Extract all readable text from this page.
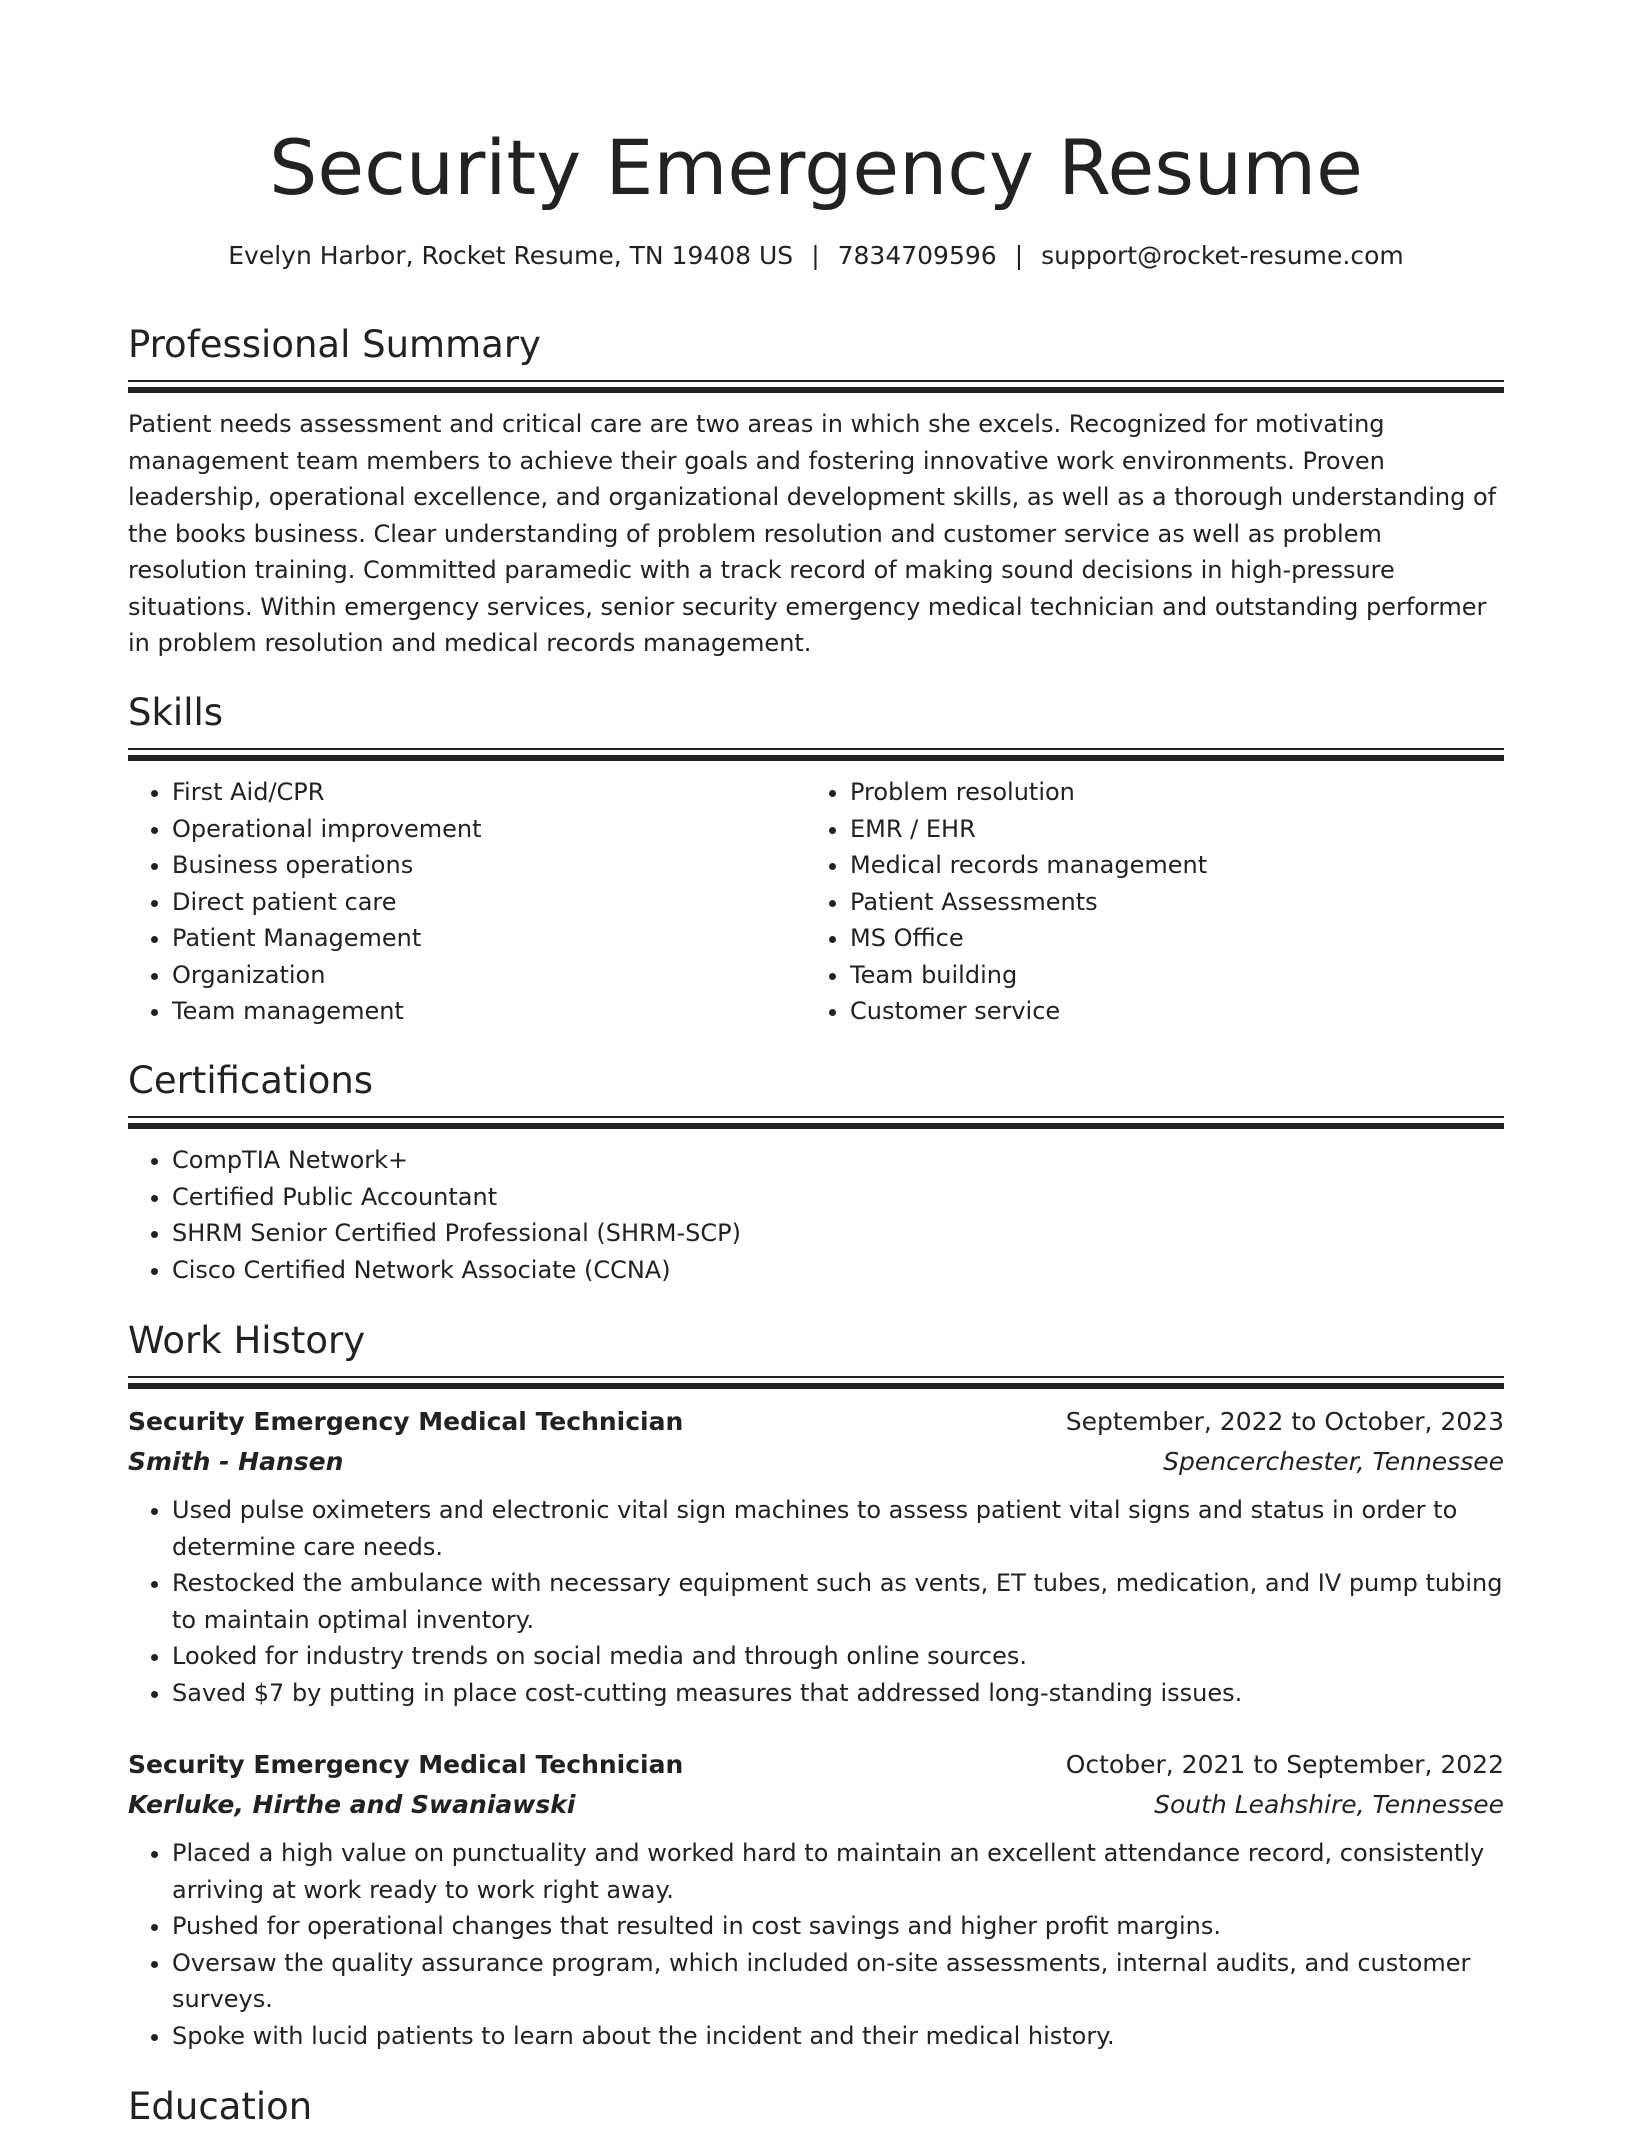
Security Emergency Resume
Evelyn Harbor, Rocket Resume, TN 19408 US | 7834709596 | support@rocket-resume.com
Professional Summary
Patient needs assessment and critical care are two areas in which she excels. Recognized for motivating management team members to achieve their goals and fostering innovative work environments. Proven leadership, operational excellence, and organizational development skills, as well as a thorough understanding of the books business. Clear understanding of problem resolution and customer service as well as problem resolution training. Committed paramedic with a track record of making sound decisions in high-pressure situations. Within emergency services, senior security emergency medical technician and outstanding performer in problem resolution and medical records management.
Skills
• First Aid/CPR
• Operational improvement
• Business operations
• Direct patient care
• Patient Management
• Organization
• Team management
• Problem resolution
• EMR / EHR
• Medical records management
• Patient Assessments
• MS Office
• Team building
• Customer service
Certifications
• CompTIA Network+
• Certified Public Accountant
• SHRM Senior Certified Professional (SHRM-SCP)
• Cisco Certified Network Associate (CCNA)
Work History
Security Emergency Medical Technician	September, 2022 to October, 2023
Smith - Hansen	Spencerchester, Tennessee
• Used pulse oximeters and electronic vital sign machines to assess patient vital signs and status in order to determine care needs.
• Restocked the ambulance with necessary equipment such as vents, ET tubes, medication, and IV pump tubing to maintain optimal inventory.
• Looked for industry trends on social media and through online sources.
• Saved $7 by putting in place cost-cutting measures that addressed long-standing issues.
Security Emergency Medical Technician	October, 2021 to September, 2022
Kerluke, Hirthe and Swaniawski	South Leahshire, Tennessee
• Placed a high value on punctuality and worked hard to maintain an excellent attendance record, consistently arriving at work ready to work right away.
• Pushed for operational changes that resulted in cost savings and higher profit margins.
• Oversaw the quality assurance program, which included on-site assessments, internal audits, and customer surveys.
• Spoke with lucid patients to learn about the incident and their medical history.
Education
